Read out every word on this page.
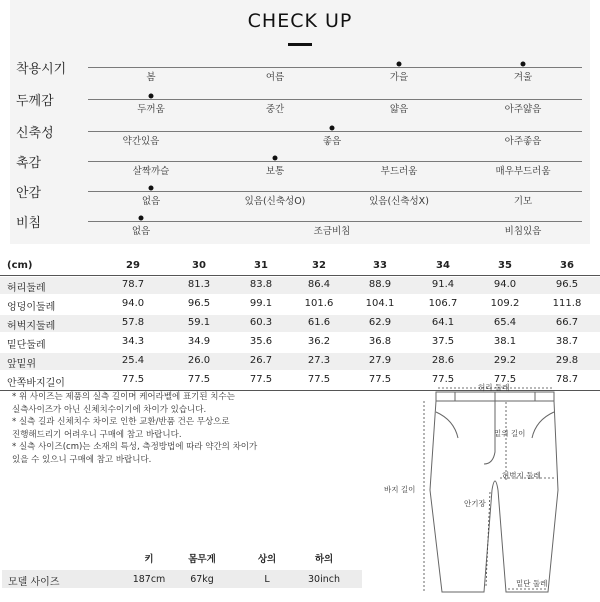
CHECK UP
착용시기
봄	여름	가을	겨울
두께감
두꺼움	중간	얇음	아주얇음
신축성
약간있음	좋음	아주좋음
촉감
살짝까슬	보통	부드러움	매우부드러움
안감
없음	있음(신축성O)	있음(신축성X)	기모
비침
없음	조금비침	비침있음
(cm)	29	30	31	32	33	34	35	36
허리둘레	78.7	81.3	83.8	86.4	88.9	91.4	94.0	96.5
엉덩이둘레	94.0	96.5	99.1	101.6	104.1	106.7	109.2	111.8
허벅지둘레	57.8	59.1	60.3	61.6	62.9	64.1	65.4	66.7
밑단둘레	34.3	34.9	35.6	36.2	36.8	37.5	38.1	38.7
앞밑위	25.4	26.0	26.7	27.3	27.9	28.6	29.2	29.8
안쪽바지길이	77.5	77.5	77.5	77.5	77.5	77.5	77.5	78.7
* 위 사이즈는 제품의 실측 길이며 케어라벨에 표기된 치수는
실측사이즈가 아닌 신체치수이기에 차이가 있습니다.
* 실측 길과 신체치수 차이로 인한 교환/반품 건은 무상으로
진행해드리기 어려우니 구매에 참고 바랍니다.
* 실측 사이즈(cm)는 소재의 특성, 측정방법에 따라 약간의 차이가
있을 수 있으니 구매에 참고 바랍니다.
허리 둘레
밑위 길이
허벅지 둘레
바지 길이
안기장
밑단 둘레
키	몸무게	상의	하의
모델 사이즈	187cm	67kg	L	30inch
